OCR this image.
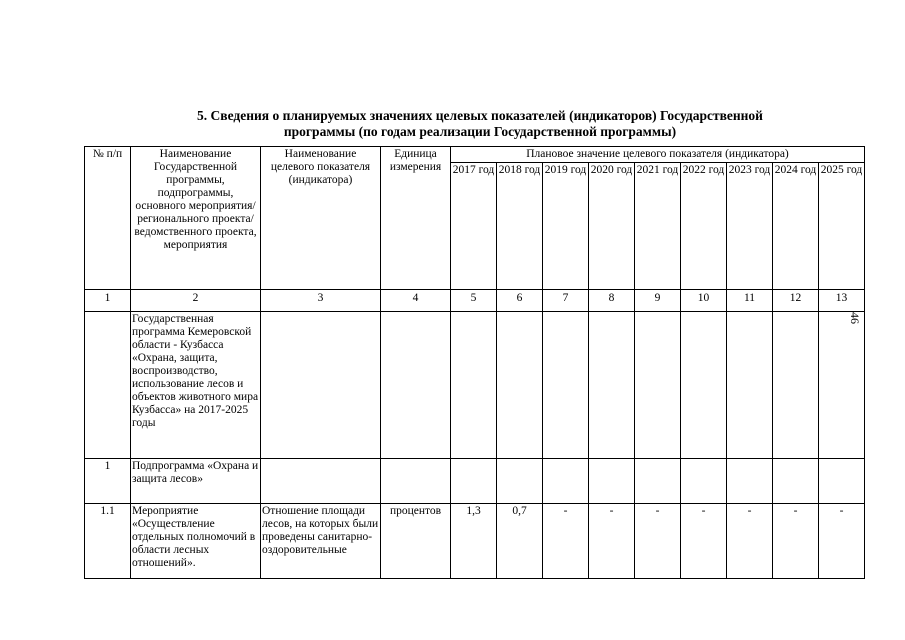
5. Сведения о планируемых значениях целевых показателей (индикаторов) Государственной
программы (по годам реализации Государственной программы)
46
№ п/п	Наименование Государственной программы, подпрограммы, основного мероприятия/ регионального проекта/ ведомственного проекта, мероприятия	Наименование целевого показателя (индикатора)	Единица измерения	Плановое значение целевого показателя (индикатора)								
				2017 год	2018 год	2019 год	2020 год	2021 год	2022 год	2023 год	2024 год	2025 год
1	2	3	4	5	6	7	8	9	10	11	12	13
	Государственная программа Кемеровской области - Кузбасса «Охрана, защита, воспроизводство, использование лесов и объектов животного мира Кузбасса» на 2017-2025 годы											
1	Подпрограмма «Охрана и защита лесов»											
1.1	Мероприятие «Осуществление отдельных полномочий в области лесных отношений».	Отношение площади лесов, на которых были проведены санитарно-оздоровительные	процентов	1,3	0,7	-	-	-	-	-	-	-
